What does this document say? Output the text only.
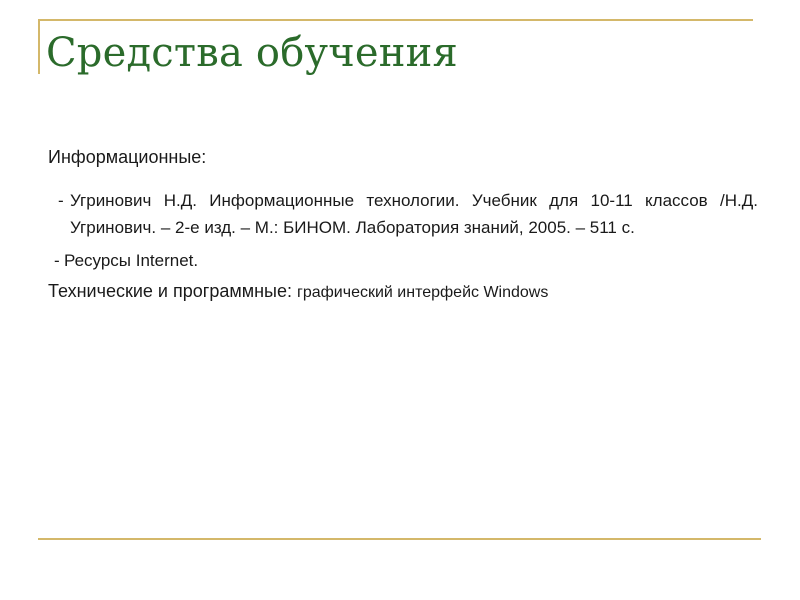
Средства обучения

Информационные:

- Угринович Н.Д. Информационные технологии. Учебник для 10-11 классов /Н.Д. Угринович. – 2-е изд. – М.: БИНОМ. Лаборатория знаний, 2005. – 511 с.

- Ресурсы Internet.

Технические и программные: графический интерфейс Windows
